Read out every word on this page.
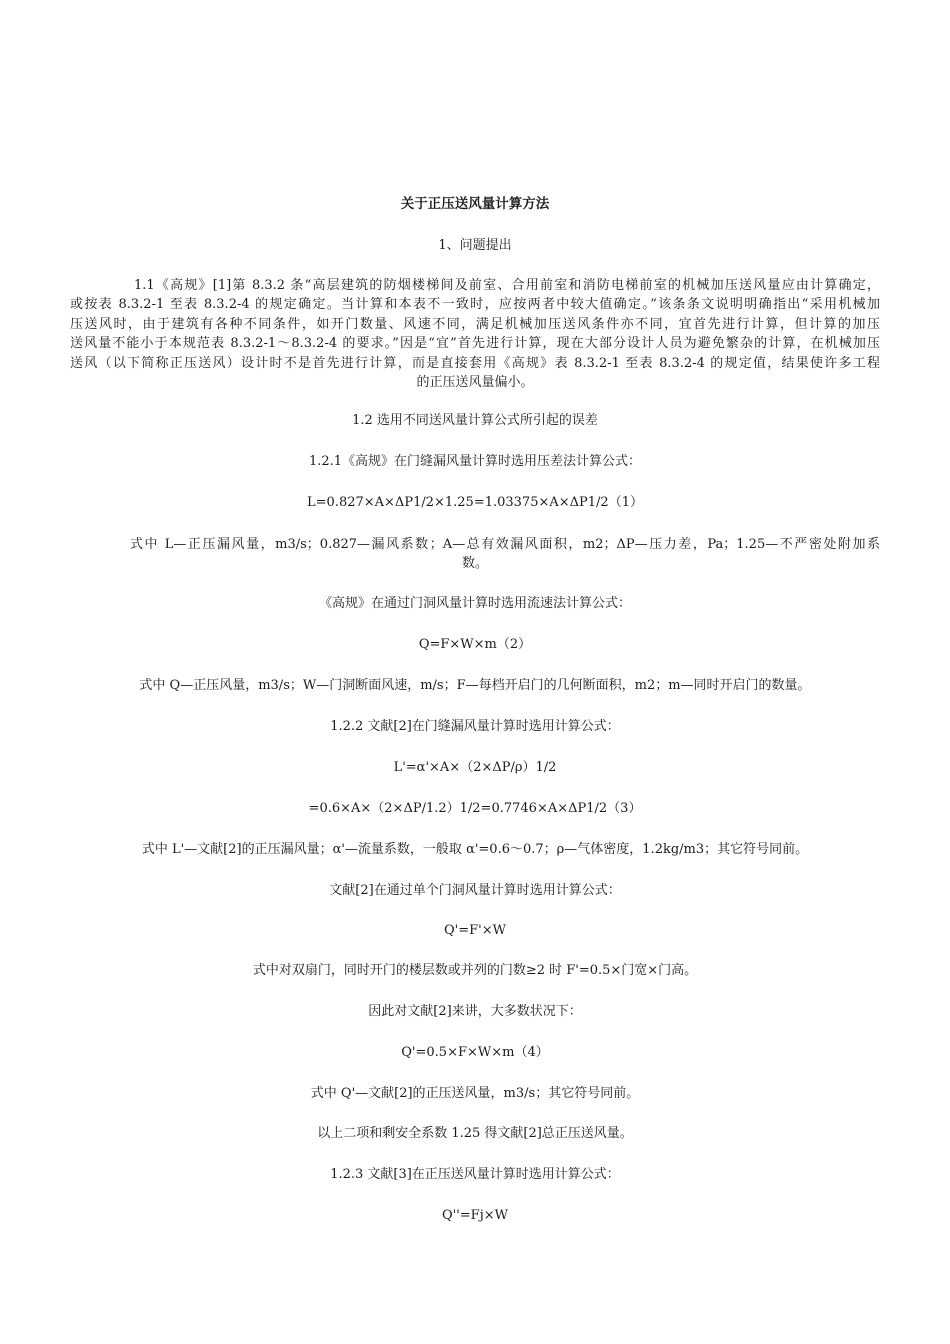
关于正压送风量计算方法
1、问题提出
1.1《高规》[1]第 8.3.2 条“高层建筑的防烟楼梯间及前室、合用前室和消防电梯前室的机械加压送风量应由计算确定，
或按表 8.3.2-1 至表 8.3.2-4 的规定确定。当计算和本表不一致时，应按两者中较大值确定。”该条条文说明明确指出“采用机械加
压送风时，由于建筑有各种不同条件，如开门数量、风速不同，满足机械加压送风条件亦不同，宜首先进行计算，但计算的加压
送风量不能小于本规范表 8.3.2-1～8.3.2-4 的要求。”因是“宜”首先进行计算，现在大部分设计人员为避免繁杂的计算，在机械加压
送风（以下简称正压送风）设计时不是首先进行计算，而是直接套用《高规》表 8.3.2-1 至表 8.3.2-4 的规定值，结果使许多工程
的正压送风量偏小。
1.2 选用不同送风量计算公式所引起的误差
1.2.1《高规》在门缝漏风量计算时选用压差法计算公式：
L=0.827×A×ΔP1/2×1.25=1.03375×A×ΔP1/2（1）
式中 L—正压漏风量，m3/s；0.827—漏风系数；A—总有效漏风面积，m2；ΔP—压力差，Pa；1.25—不严密处附加系
数。
《高规》在通过门洞风量计算时选用流速法计算公式：
Q=F×W×m（2）
式中 Q—正压风量，m3/s；W—门洞断面风速，m/s；F—每档开启门的几何断面积，m2；m—同时开启门的数量。
1.2.2 文献[2]在门缝漏风量计算时选用计算公式：
L'=α'×A×（2×ΔP/ρ）1/2
=0.6×A×（2×ΔP/1.2）1/2=0.7746×A×ΔP1/2（3）
式中 L'—文献[2]的正压漏风量；α'—流量系数，一般取 α'=0.6～0.7；ρ—气体密度，1.2kg/m3；其它符号同前。
文献[2]在通过单个门洞风量计算时选用计算公式：
Q'=F'×W
式中对双扇门，同时开门的楼层数或并列的门数≥2 时 F'=0.5×门宽×门高。
因此对文献[2]来讲，大多数状况下：
Q'=0.5×F×W×m（4）
式中 Q'—文献[2]的正压送风量，m3/s；其它符号同前。
以上二项和剩安全系数 1.25 得文献[2]总正压送风量。
1.2.3 文献[3]在正压送风量计算时选用计算公式：
Q''=Fj×W
